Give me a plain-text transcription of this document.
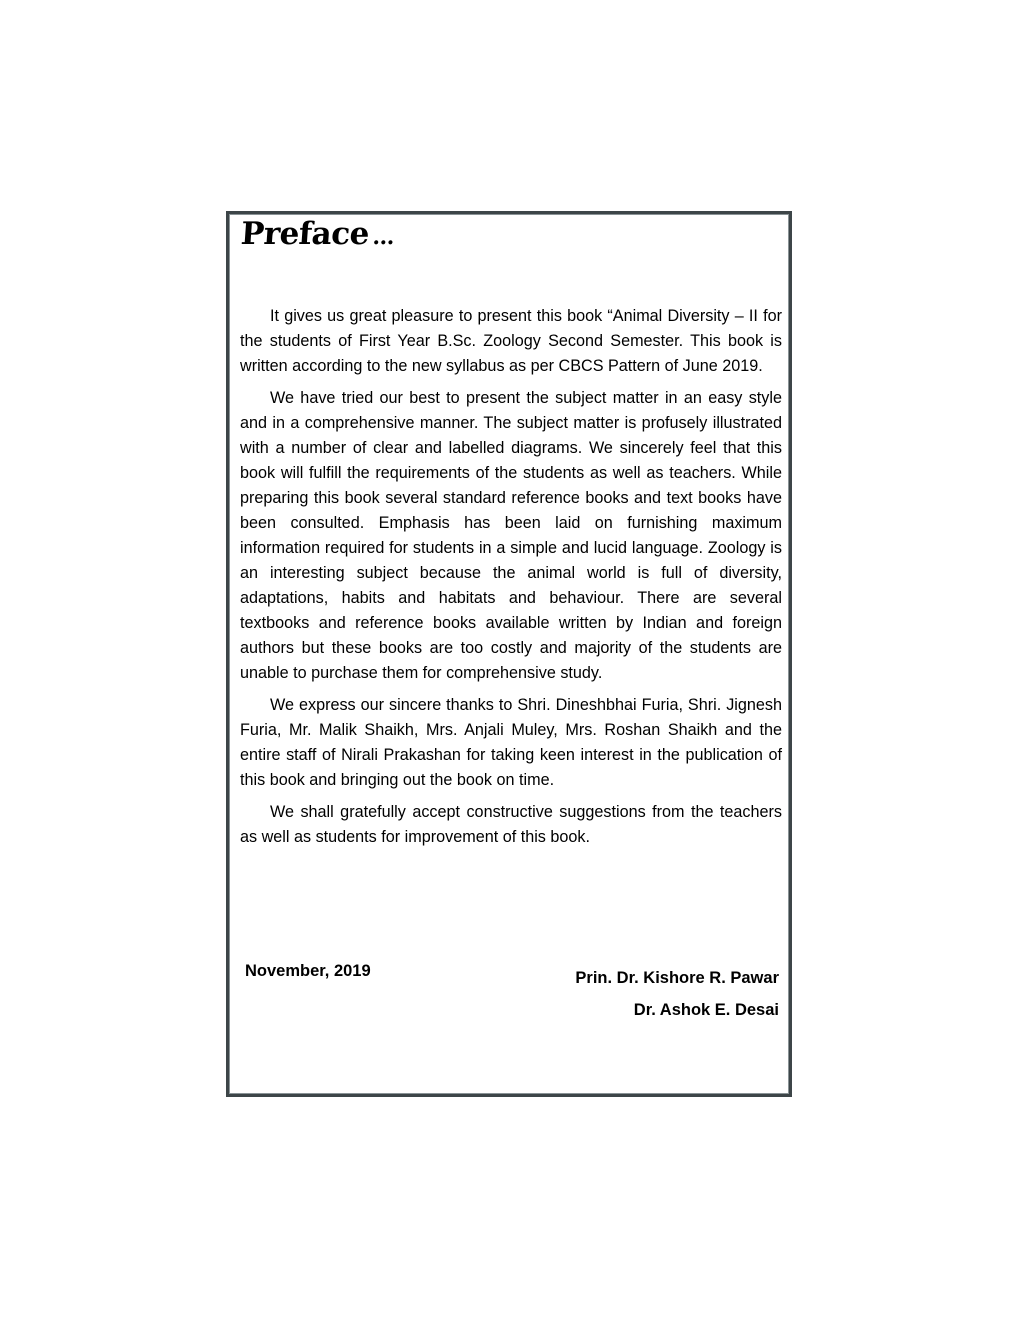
Preface...

It gives us great pleasure to present this book “Animal Diversity – II for the students of First Year B.Sc. Zoology Second Semester. This book is written according to the new syllabus as per CBCS Pattern of June 2019.

We have tried our best to present the subject matter in an easy style and in a comprehensive manner. The subject matter is profusely illustrated with a number of clear and labelled diagrams. We sincerely feel that this book will fulfill the requirements of the students as well as teachers. While preparing this book several standard reference books and text books have been consulted. Emphasis has been laid on furnishing maximum information required for students in a simple and lucid language. Zoology is an interesting subject because the animal world is full of diversity, adaptations, habits and habitats and behaviour. There are several textbooks and reference books available written by Indian and foreign authors but these books are too costly and majority of the students are unable to purchase them for comprehensive study.

We express our sincere thanks to Shri. Dineshbhai Furia, Shri. Jignesh Furia, Mr. Malik Shaikh, Mrs. Anjali Muley, Mrs. Roshan Shaikh and the entire staff of Nirali Prakashan for taking keen interest in the publication of this book and bringing out the book on time.

We shall gratefully accept constructive suggestions from the teachers as well as students for improvement of this book.

November, 2019	Prin. Dr. Kishore R. Pawar
Dr. Ashok E. Desai
